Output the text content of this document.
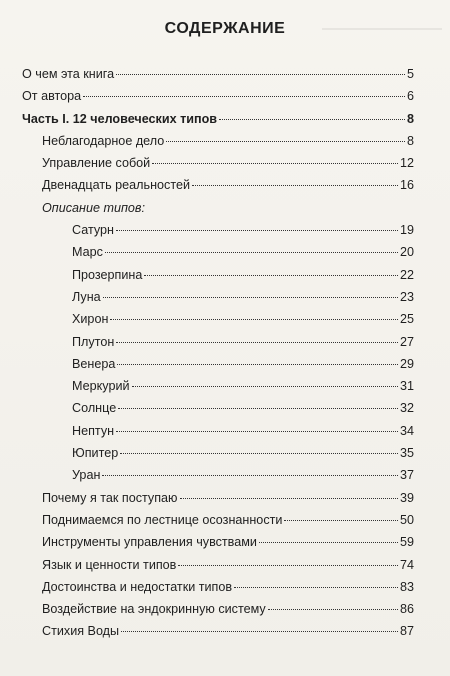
СОДЕРЖАНИЕ
О чем эта книга	5
От автора	6
Часть I. 12 человеческих типов	8
Неблагодарное дело	8
Управление собой	12
Двенадцать реальностей	16
Описание типов:
Сатурн	19
Марс	20
Прозерпина	22
Луна	23
Хирон	25
Плутон	27
Венера	29
Меркурий	31
Солнце	32
Нептун	34
Юпитер	35
Уран	37
Почему я так поступаю	39
Поднимаемся по лестнице осознанности	50
Инструменты управления чувствами	59
Язык и ценности типов	74
Достоинства и недостатки типов	83
Воздействие на эндокринную систему	86
Стихия Воды	87
